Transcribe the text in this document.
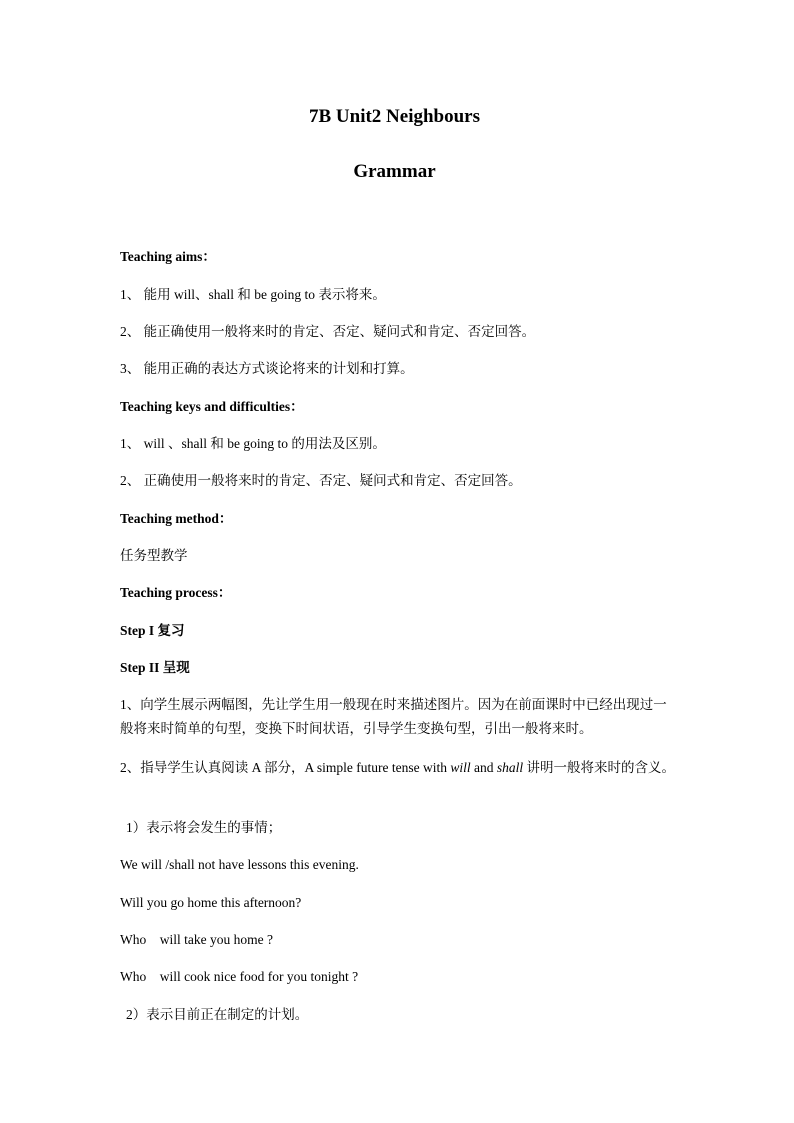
7B Unit2 Neighbours
Grammar
Teaching aims：
1、 能用 will、shall 和 be going to 表示将来。
2、 能正确使用一般将来时的肯定、否定、疑问式和肯定、否定回答。
3、 能用正确的表达方式谈论将来的计划和打算。
Teaching keys and difficulties：
1、 will 、shall 和 be going to 的用法及区别。
2、 正确使用一般将来时的肯定、否定、疑问式和肯定、否定回答。
Teaching method：
任务型教学
Teaching process：
Step I 复习
Step II 呈现
1、向学生展示两幅图，先让学生用一般现在时来描述图片。因为在前面课时中已经出现过一般将来时简单的句型，变换下时间状语，引导学生变换句型，引出一般将来时。
2、指导学生认真阅读 A 部分，A simple future tense with will and shall 讲明一般将来时的含义。
1）表示将会发生的事情；
We will /shall not have lessons this evening.
Will you go home this afternoon?
Who    will take you home ?
Who    will cook nice food for you tonight ?
2）表示目前正在制定的计划。
